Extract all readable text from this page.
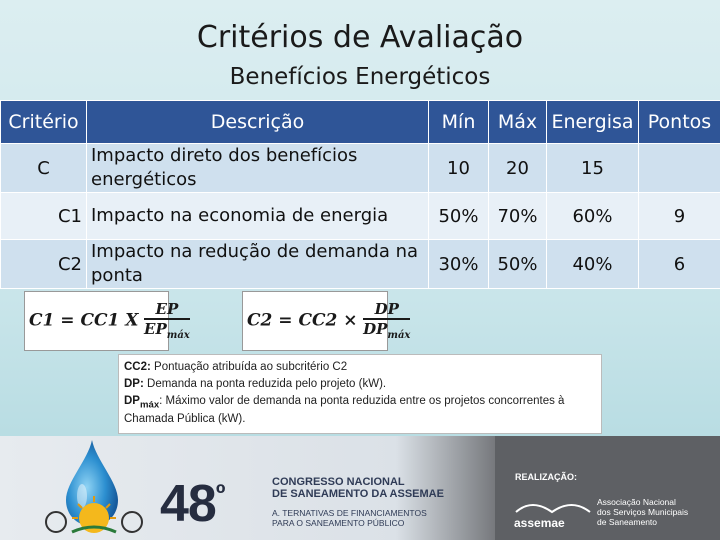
Critérios de Avaliação
Benefícios Energéticos
Critério	Descrição	Mín	Máx	Energisa	Pontos
C	Impacto direto dos benefícios energéticos	10	20	15	
C1	Impacto na economia de energia	50%	70%	60%	9
C2	Impacto na redução de demanda na ponta	30%	50%	40%	6
C1 = CC1 X $\frac{EP}{EP_{máx}}$	$C2 = CC2 \times \frac{DP}{DP_{máx}}$
CC2: Pontuação atribuída ao subcritério C2
DP: Demanda na ponta reduzida pelo projeto (kW).
$DP_{máx}$: Máximo valor de demanda na ponta reduzida entre os projetos concorrentes à Chamada Pública (kW).
$48^º$	CONGRESSO NACIONAL
DE SANEAMENTO DA ASSEMAE
A. TERNATIVAS DE FINANCIAMENTOS
PARA O SANEAMENTO PÚBLICO
REALIZAÇÃO:
assemae
Associação Nacional
dos Serviços Municipais
de Saneamento
